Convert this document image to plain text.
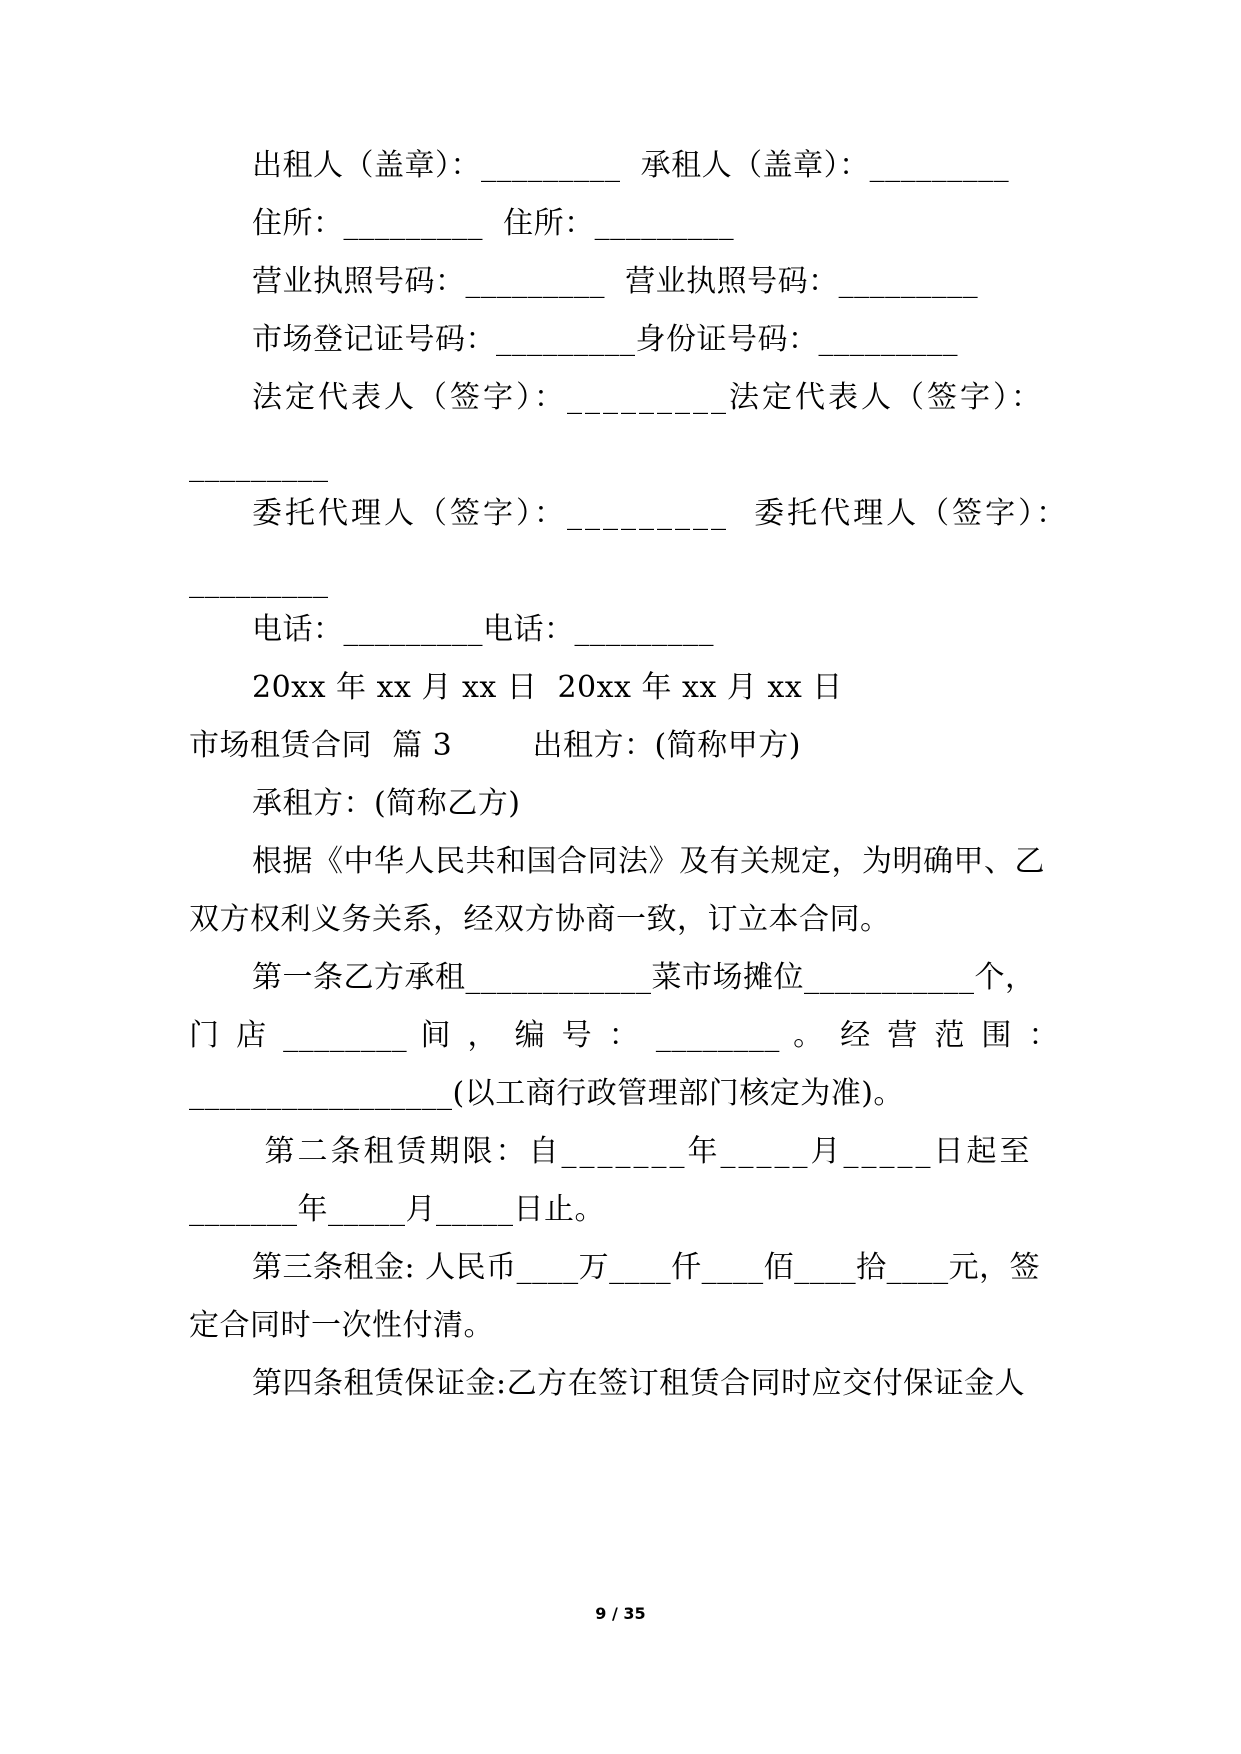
出租人（盖章）：_________  承租人（盖章）：_________
住所：_________  住所：_________
营业执照号码：_________  营业执照号码：_________
市场登记证号码：_________身份证号码：_________
法定代表人（签字）：_________法定代表人（签字）：
_________
委托代理人（签字）：_________  委托代理人（签字）：
_________
电话：_________电话：_________
20xx 年 xx 月 xx 日  20xx 年 xx 月 xx 日
市场租赁合同  篇 3        出租方：(简称甲方)
承租方：(简称乙方)
根据《中华人民共和国合同法》及有关规定，为明确甲、乙
双方权利义务关系，经双方协商一致，订立本合同。
第一条乙方承租____________菜市场摊位___________个，
门 店 ________ 间 ， 编 号 ： ________ 。 经 营 范 围 ：
_________________(以工商行政管理部门核定为准)。
第二条租赁期限：自_______年_____月_____日起至
_______年_____月_____日止。
第三条租金: 人民币____万____仟____佰____拾____元，签
定合同时一次性付清。
第四条租赁保证金:乙方在签订租赁合同时应交付保证金人
9 / 35
